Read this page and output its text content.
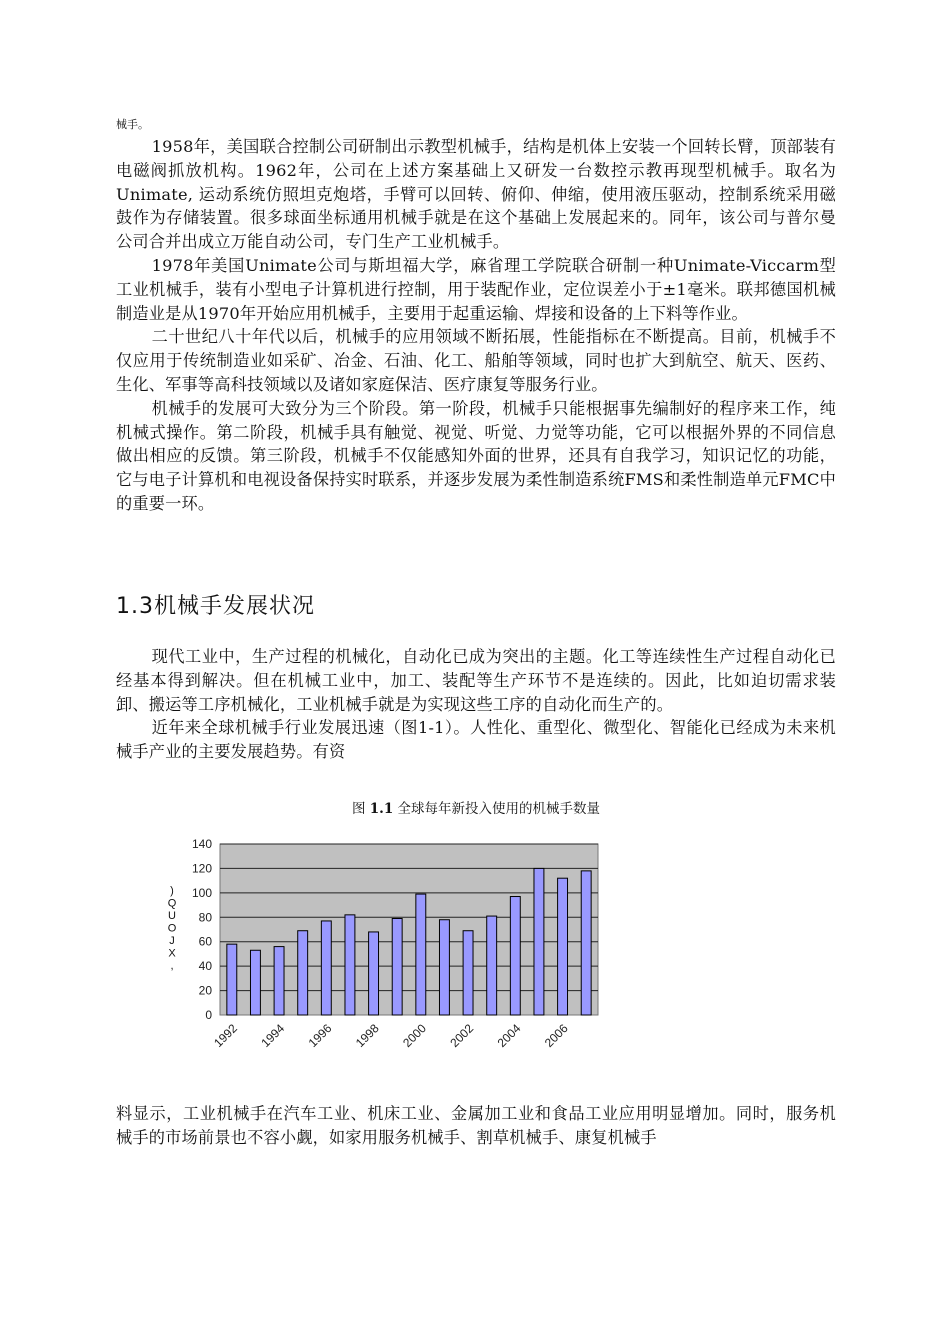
械手。

1958年，美国联合控制公司研制出示教型机械手，结构是机体上安装一个回转长臂，顶部装有电磁阀抓放机构。1962年，公司在上述方案基础上又研发一台数控示教再现型机械手。取名为Unimate, 运动系统仿照坦克炮塔，手臂可以回转、俯仰、伸缩，使用液压驱动，控制系统采用磁鼓作为存储装置。很多球面坐标通用机械手就是在这个基础上发展起来的。同年，该公司与普尔曼公司合并出成立万能自动公司，专门生产工业机械手。

1978年美国Unimate公司与斯坦福大学，麻省理工学院联合研制一种Unimate-Viccarm型工业机械手，装有小型电子计算机进行控制，用于装配作业，定位误差小于±1毫米。联邦德国机械制造业是从1970年开始应用机械手，主要用于起重运输、焊接和设备的上下料等作业。

二十世纪八十年代以后，机械手的应用领域不断拓展，性能指标在不断提高。目前，机械手不仅应用于传统制造业如采矿、冶金、石油、化工、船舶等领域，同时也扩大到航空、航天、医药、生化、军事等高科技领域以及诸如家庭保洁、医疗康复等服务行业。

机械手的发展可大致分为三个阶段。第一阶段，机械手只能根据事先编制好的程序来工作，纯机械式操作。第二阶段，机械手具有触觉、视觉、听觉、力觉等功能，它可以根据外界的不同信息做出相应的反馈。第三阶段，机械手不仅能感知外面的世界，还具有自我学习，知识记忆的功能，它与电子计算机和电视设备保持实时联系，并逐步发展为柔性制造系统FMS和柔性制造单元FMC中的重要一环。

1.3机械手发展状况

现代工业中，生产过程的机械化，自动化已成为突出的主题。化工等连续性生产过程自动化已经基本得到解决。但在机械工业中，加工、装配等生产环节不是连续的。因此，比如迫切需求装卸、搬运等工序机械化，工业机械手就是为实现这些工序的自动化而生产的。

近年来全球机械手行业发展迅速（图1-1）。人性化、重型化、微型化、智能化已经成为未来机械手产业的主要发展趋势。有资

图 1.1 全球每年新投入使用的机械手数量

料显示，工业机械手在汽车工业、机床工业、金属加工业和食品工业应用明显增加。同时，服务机械手的市场前景也不容小觑，如家用服务机械手、割草机械手、康复机械手

0
20
40
60
80
100
120
140
1992 1994 1996 1998 2000 2002 2004 2006
)
Q
U
O
J
X
,
